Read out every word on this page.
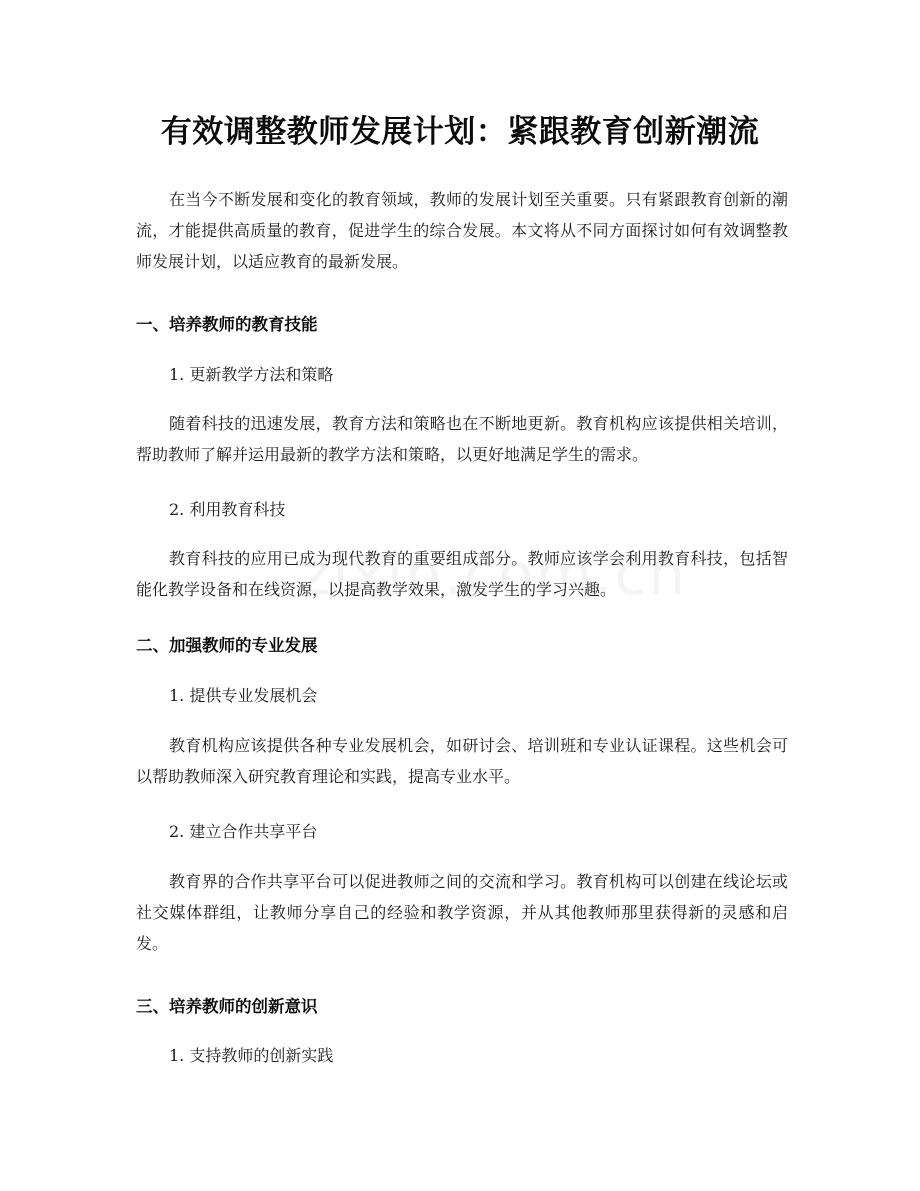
有效调整教师发展计划：紧跟教育创新潮流
在当今不断发展和变化的教育领域，教师的发展计划至关重要。只有紧跟教育创新的潮流，才能提供高质量的教育，促进学生的综合发展。本文将从不同方面探讨如何有效调整教师发展计划，以适应教育的最新发展。
一、培养教师的教育技能
1. 更新教学方法和策略
随着科技的迅速发展，教育方法和策略也在不断地更新。教育机构应该提供相关培训，帮助教师了解并运用最新的教学方法和策略，以更好地满足学生的需求。
2. 利用教育科技
教育科技的应用已成为现代教育的重要组成部分。教师应该学会利用教育科技，包括智能化教学设备和在线资源，以提高教学效果，激发学生的学习兴趣。
二、加强教师的专业发展
1. 提供专业发展机会
教育机构应该提供各种专业发展机会，如研讨会、培训班和专业认证课程。这些机会可以帮助教师深入研究教育理论和实践，提高专业水平。
2. 建立合作共享平台
教育界的合作共享平台可以促进教师之间的交流和学习。教育机构可以创建在线论坛或社交媒体群组，让教师分享自己的经验和教学资源，并从其他教师那里获得新的灵感和启发。
三、培养教师的创新意识
1. 支持教师的创新实践
